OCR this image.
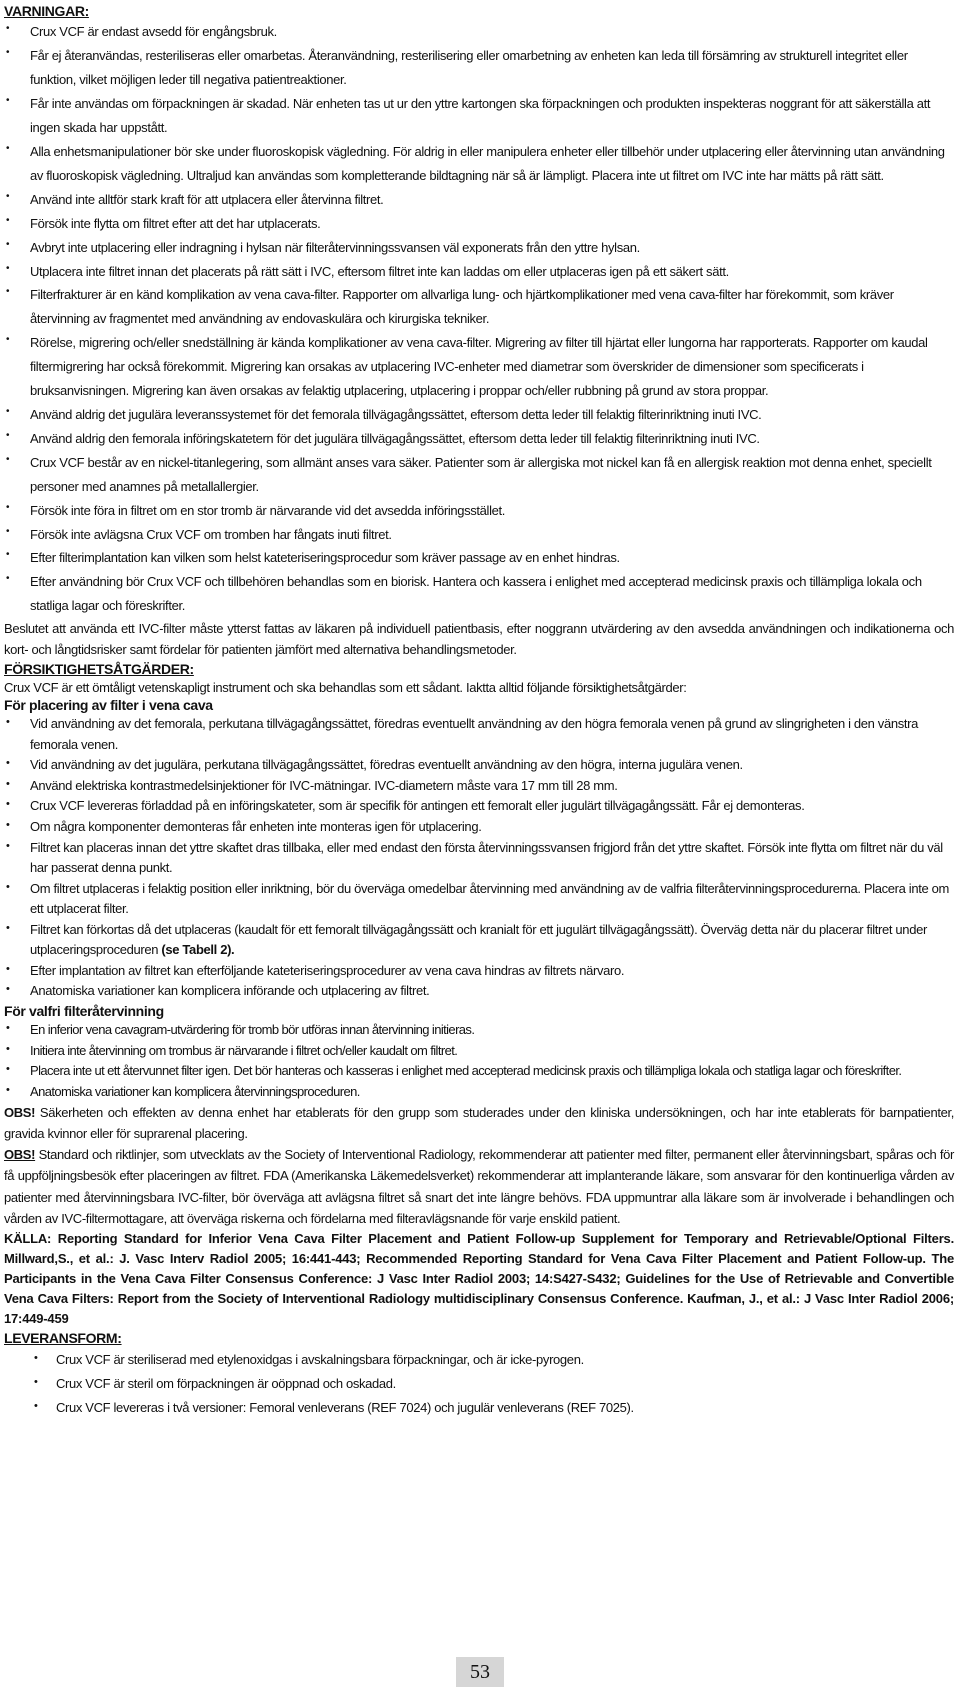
VARNINGAR:

• Crux VCF är endast avsedd för engångsbruk.
• Får ej återanvändas, resteriliseras eller omarbetas. Återanvändning, resterilisering eller omarbetning av enheten kan leda till försämring av strukturell integritet eller funktion, vilket möjligen leder till negativa patientreaktioner.
• Får inte användas om förpackningen är skadad. När enheten tas ut ur den yttre kartongen ska förpackningen och produkten inspekteras noggrant för att säkerställa att ingen skada har uppstått.
• Alla enhetsmanipulationer bör ske under fluoroskopisk vägledning. För aldrig in eller manipulera enheter eller tillbehör under utplacering eller återvinning utan användning av fluoroskopisk vägledning. Ultraljud kan användas som kompletterande bildtagning när så är lämpligt. Placera inte ut filtret om IVC inte har mätts på rätt sätt.
• Använd inte alltför stark kraft för att utplacera eller återvinna filtret.
• Försök inte flytta om filtret efter att det har utplacerats.
• Avbryt inte utplacering eller indragning i hylsan när filteråtervinningssvansen väl exponerats från den yttre hylsan.
• Utplacera inte filtret innan det placerats på rätt sätt i IVC, eftersom filtret inte kan laddas om eller utplaceras igen på ett säkert sätt.
• Filterfrakturer är en känd komplikation av vena cava-filter. Rapporter om allvarliga lung- och hjärtkomplikationer med vena cava-filter har förekommit, som kräver återvinning av fragmentet med användning av endovaskulära och kirurgiska tekniker.
• Rörelse, migrering och/eller snedställning är kända komplikationer av vena cava-filter. Migrering av filter till hjärtat eller lungorna har rapporterats. Rapporter om kaudal filtermigrering har också förekommit. Migrering kan orsakas av utplacering IVC-enheter med diametrar som överskrider de dimensioner som specificerats i bruksanvisningen. Migrering kan även orsakas av felaktig utplacering, utplacering i proppar och/eller rubbning på grund av stora proppar.
• Använd aldrig det jugulära leveranssystemet för det femorala tillvägagångssättet, eftersom detta leder till felaktig filterinriktning inuti IVC.
• Använd aldrig den femorala införingskatetern för det jugulära tillvägagångssättet, eftersom detta leder till felaktig filterinriktning inuti IVC.
• Crux VCF består av en nickel-titanlegering, som allmänt anses vara säker. Patienter som är allergiska mot nickel kan få en allergisk reaktion mot denna enhet, speciellt personer med anamnes på metallallergier.
• Försök inte föra in filtret om en stor tromb är närvarande vid det avsedda införingsstället.
• Försök inte avlägsna Crux VCF om tromben har fångats inuti filtret.
• Efter filterimplantation kan vilken som helst kateteriseringsprocedur som kräver passage av en enhet hindras.
• Efter användning bör Crux VCF och tillbehören behandlas som en biorisk. Hantera och kassera i enlighet med accepterad medicinsk praxis och tillämpliga lokala och statliga lagar och föreskrifter.

Beslutet att använda ett IVC-filter måste ytterst fattas av läkaren på individuell patientbasis, efter noggrann utvärdering av den avsedda användningen och indikationerna och kort- och långtidsrisker samt fördelar för patienten jämfört med alternativa behandlingsmetoder.

FÖRSIKTIGHETSÅTGÄRDER:

Crux VCF är ett ömtåligt vetenskapligt instrument och ska behandlas som ett sådant. Iaktta alltid följande försiktighetsåtgärder:

För placering av filter i vena cava

• Vid användning av det femorala, perkutana tillvägagångssättet, föredras eventuellt användning av den högra femorala venen på grund av slingrigheten i den vänstra femorala venen.
• Vid användning av det jugulära, perkutana tillvägagångssättet, föredras eventuellt användning av den högra, interna jugulära venen.
• Använd elektriska kontrastmedelsinjektioner för IVC-mätningar. IVC-diametern måste vara 17 mm till 28 mm.
• Crux VCF levereras förladdad på en införingskateter, som är specifik för antingen ett femoralt eller jugulärt tillvägagångssätt. Får ej demonteras.
• Om några komponenter demonteras får enheten inte monteras igen för utplacering.
• Filtret kan placeras innan det yttre skaftet dras tillbaka, eller med endast den första återvinningssvansen frigjord från det yttre skaftet. Försök inte flytta om filtret när du väl har passerat denna punkt.
• Om filtret utplaceras i felaktig position eller inriktning, bör du överväga omedelbar återvinning med användning av de valfria filteråtervinningsprocedurerna. Placera inte om ett utplacerat filter.
• Filtret kan förkortas då det utplaceras (kaudalt för ett femoralt tillvägagångssätt och kranialt för ett jugulärt tillvägagångssätt). Överväg detta när du placerar filtret under utplaceringsproceduren (se Tabell 2).
• Efter implantation av filtret kan efterföljande kateteriseringsprocedurer av vena cava hindras av filtrets närvaro.
• Anatomiska variationer kan komplicera införande och utplacering av filtret.

För valfri filteråtervinning

• En inferior vena cavagram-utvärdering för tromb bör utföras innan återvinning initieras.
• Initiera inte återvinning om trombus är närvarande i filtret och/eller kaudalt om filtret.
• Placera inte ut ett återvunnet filter igen. Det bör hanteras och kasseras i enlighet med accepterad medicinsk praxis och tillämpliga lokala och statliga lagar och föreskrifter.
• Anatomiska variationer kan komplicera återvinningsproceduren.

OBS! Säkerheten och effekten av denna enhet har etablerats för den grupp som studerades under den kliniska undersökningen, och har inte etablerats för barnpatienter, gravida kvinnor eller för suprarenal placering.

OBS! Standard och riktlinjer, som utvecklats av the Society of Interventional Radiology, rekommenderar att patienter med filter, permanent eller återvinningsbart, spåras och för få uppföljningsbesök efter placeringen av filtret. FDA (Amerikanska Läkemedelsverket) rekommenderar att implanterande läkare, som ansvarar för den kontinuerliga vården av patienter med återvinningsbara IVC-filter, bör överväga att avlägsna filtret så snart det inte längre behövs. FDA uppmuntrar alla läkare som är involverade i behandlingen och vården av IVC-filtermottagare, att överväga riskerna och fördelarna med filteravlägsnande för varje enskild patient.

KÄLLA: Reporting Standard for Inferior Vena Cava Filter Placement and Patient Follow-up Supplement for Temporary and Retrievable/Optional Filters. Millward,S., et al.: J. Vasc Interv Radiol 2005; 16:441-443; Recommended Reporting Standard for Vena Cava Filter Placement and Patient Follow-up. The Participants in the Vena Cava Filter Consensus Conference: J Vasc Inter Radiol 2003; 14:S427-S432; Guidelines for the Use of Retrievable and Convertible Vena Cava Filters: Report from the Society of Interventional Radiology multidisciplinary Consensus Conference. Kaufman, J., et al.: J Vasc Inter Radiol 2006; 17:449-459

LEVERANSFORM:

• Crux VCF är steriliserad med etylenoxidgas i avskalningsbara förpackningar, och är icke-pyrogen.
• Crux VCF är steril om förpackningen är oöppnad och oskadad.
• Crux VCF levereras i två versioner: Femoral venleverans (REF 7024) och jugulär venleverans (REF 7025).
53
